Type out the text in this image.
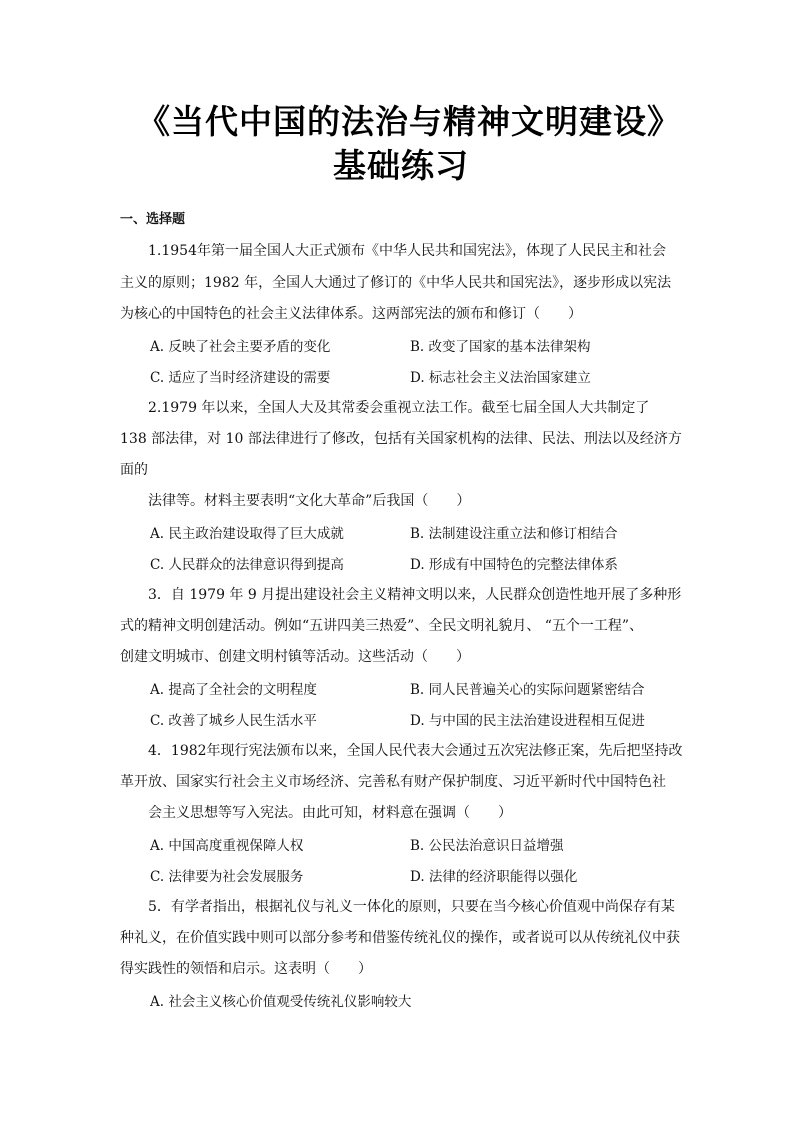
《当代中国的法治与精神文明建设》
基础练习
一、选择题
1.1954年第一届全国人大正式颁布《中华人民共和国宪法》，体现了人民民主和社会
主义的原则；1982 年，全国人大通过了修订的《中华人民共和国宪法》，逐步形成以宪法
为核心的中国特色的社会主义法律体系。这两部宪法的颁布和修订（　　）
A. 反映了社会主要矛盾的变化	B. 改变了国家的基本法律架构
C. 适应了当时经济建设的需要	D. 标志社会主义法治国家建立
2.1979 年以来，全国人大及其常委会重视立法工作。截至七届全国人大共制定了
138 部法律，对 10 部法律进行了修改，包括有关国家机构的法律、民法、刑法以及经济方
面的
法律等。材料主要表明“文化大革命”后我国（　　）
A. 民主政治建设取得了巨大成就	B. 法制建设注重立法和修订相结合
C. 人民群众的法律意识得到提高	D. 形成有中国特色的完整法律体系
3．自 1979 年 9 月提出建设社会主义精神文明以来，人民群众创造性地开展了多种形
式的精神文明创建活动。例如“五讲四美三热爱”、全民文明礼貌月、 “五个一工程”、
创建文明城市、创建文明村镇等活动。这些活动（　　）
A. 提高了全社会的文明程度	B. 同人民普遍关心的实际问题紧密结合
C. 改善了城乡人民生活水平	D. 与中国的民主法治建设进程相互促进
4．1982年现行宪法颁布以来，全国人民代表大会通过五次宪法修正案，先后把坚持改
革开放、国家实行社会主义市场经济、完善私有财产保护制度、习近平新时代中国特色社
会主义思想等写入宪法。由此可知，材料意在强调（　　）
A. 中国高度重视保障人权	B. 公民法治意识日益增强
C. 法律要为社会发展服务	D. 法律的经济职能得以强化
5．有学者指出，根据礼仪与礼义一体化的原则，只要在当今核心价值观中尚保存有某
种礼义，在价值实践中则可以部分参考和借鉴传统礼仪的操作，或者说可以从传统礼仪中获
得实践性的领悟和启示。这表明（　　）
A. 社会主义核心价值观受传统礼仪影响较大
